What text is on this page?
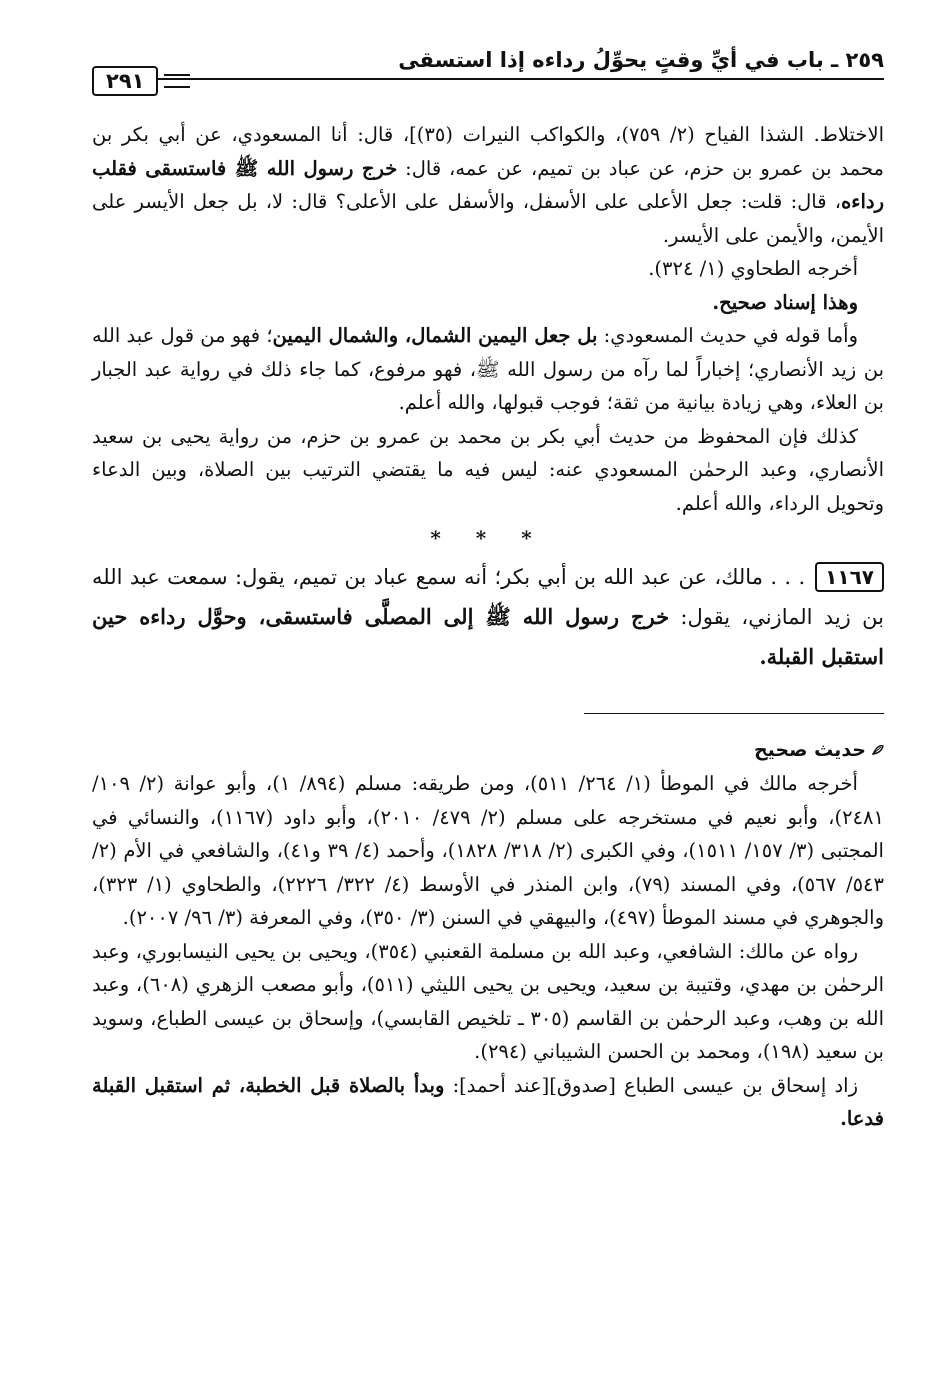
٢٥٩ ـ باب في أيِّ وقتٍ يحوِّلُ رداءه إذا استسقى
٢٩١

الاختلاط. الشذا الفياح (٢/ ٧٥٩)، والكواكب النيرات (٣٥)]، قال: أنا المسعودي، عن أبي بكر بن محمد بن عمرو بن حزم، عن عباد بن تميم، عن عمه، قال: خرج رسول الله ﷺ فاستسقى فقلب رداءه، قال: قلت: جعل الأعلى على الأسفل، والأسفل على الأعلى؟ قال: لا، بل جعل الأيسر على الأيمن، والأيمن على الأيسر.

أخرجه الطحاوي (١/ ٣٢٤).

وهذا إسناد صحيح.

وأما قوله في حديث المسعودي: بل جعل اليمين الشمال، والشمال اليمين؛ فهو من قول عبد الله بن زيد الأنصاري؛ إخباراً لما رآه من رسول الله ﷺ، فهو مرفوع، كما جاء ذلك في رواية عبد الجبار بن العلاء، وهي زيادة بيانية من ثقة؛ فوجب قبولها، والله أعلم.

كذلك فإن المحفوظ من حديث أبي بكر بن محمد بن عمرو بن حزم، من رواية يحيى بن سعيد الأنصاري، وعبد الرحمٰن المسعودي عنه: ليس فيه ما يقتضي الترتيب بين الصلاة، وبين الدعاء وتحويل الرداء، والله أعلم.

* * *

١١٦٧. . . مالك، عن عبد الله بن أبي بكر؛ أنه سمع عباد بن تميم، يقول: سمعت عبد الله بن زيد المازني، يقول: خرج رسول الله ﷺ إلى المصلَّى فاستسقى، وحوَّل رداءه حين استقبل القبلة.

حديث صحيح

أخرجه مالك في الموطأ (١/ ٢٦٤/ ٥١١)، ومن طريقه: مسلم (٨٩٤/ ١)، وأبو عوانة (٢/ ١٠٩/ ٢٤٨١)، وأبو نعيم في مستخرجه على مسلم (٢/ ٤٧٩/ ٢٠١٠)، وأبو داود (١١٦٧)، والنسائي في المجتبى (٣/ ١٥٧/ ١٥١١)، وفي الكبرى (٢/ ٣١٨/ ١٨٢٨)، وأحمد (٤/ ٣٩ و٤١)، والشافعي في الأم (٢/ ٥٤٣/ ٥٦٧)، وفي المسند (٧٩)، وابن المنذر في الأوسط (٤/ ٣٢٢/ ٢٢٢٦)، والطحاوي (١/ ٣٢٣)، والجوهري في مسند الموطأ (٤٩٧)، والبيهقي في السنن (٣/ ٣٥٠)، وفي المعرفة (٣/ ٩٦/ ٢٠٠٧).

رواه عن مالك: الشافعي، وعبد الله بن مسلمة القعنبي (٣٥٤)، ويحيى بن يحيى النيسابوري، وعبد الرحمٰن بن مهدي، وقتيبة بن سعيد، ويحيى بن يحيى الليثي (٥١١)، وأبو مصعب الزهري (٦٠٨)، وعبد الله بن وهب، وعبد الرحمٰن بن القاسم (٣٠٥ ـ تلخيص القابسي)، وإسحاق بن عيسى الطباع، وسويد بن سعيد (١٩٨)، ومحمد بن الحسن الشيباني (٢٩٤).

زاد إسحاق بن عيسى الطباع [صدوق][عند أحمد]: وبدأ بالصلاة قبل الخطبة، ثم استقبل القبلة فدعا.
